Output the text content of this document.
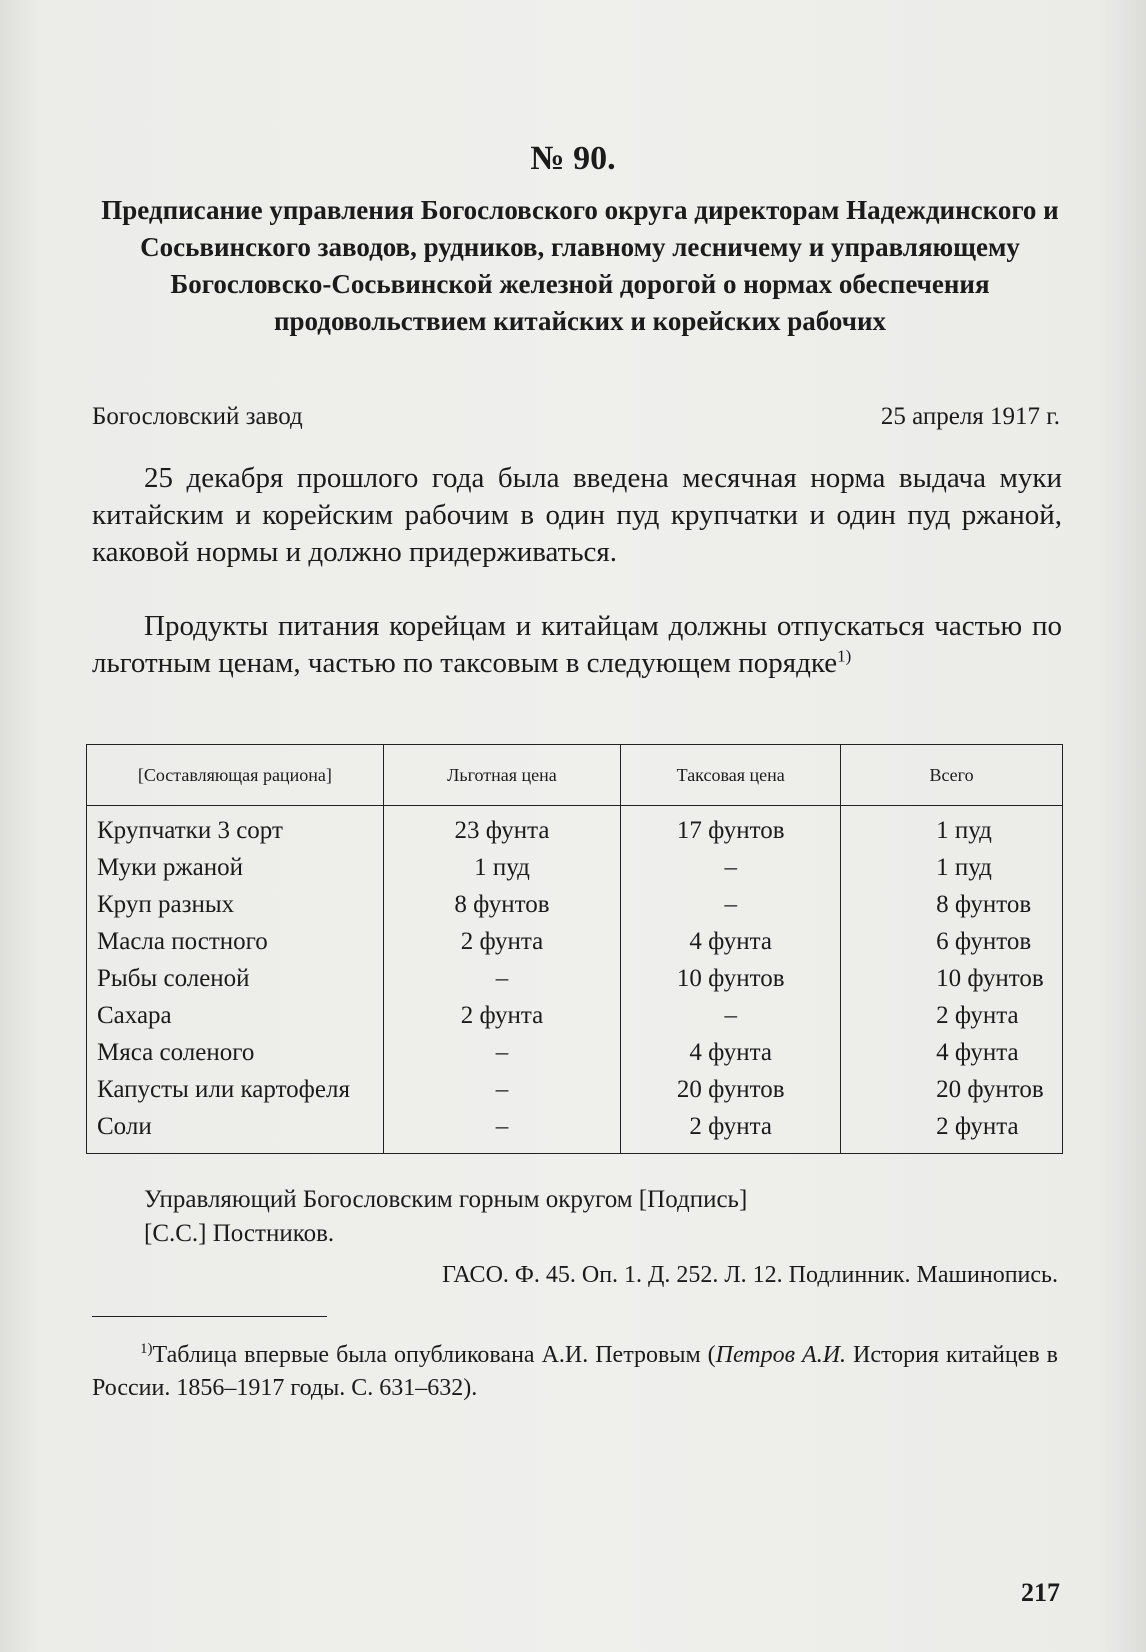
№ 90.
Предписание управления Богословского округа директорам Надеждинского и Сосьвинского заводов, рудников, главному лесничему и управляющему Богословско-Сосьвинской железной дорогой о нормах обеспечения продовольствием китайских и корейских рабочих
Богословский завод	25 апреля 1917 г.

25 декабря прошлого года была введена месячная норма выдача муки китайским и корейским рабочим в один пуд крупчатки и один пуд ржаной, каковой нормы и должно придерживаться.

Продукты питания корейцам и китайцам должны отпускаться частью по льготным ценам, частью по таксовым в следующем порядке$^{1)}$

[Составляющая рациона]	Льготная цена	Таксовая цена	Всего
Крупчатки 3 сорт	23 фунта	17 фунтов	1 пуд
Муки ржаной	1 пуд	–	1 пуд
Круп разных	8 фунтов	–	8 фунтов
Масла постного	2 фунта	4 фунта	6 фунтов
Рыбы соленой	–	10 фунтов	10 фунтов
Сахара	2 фунта	–	2 фунта
Мяса соленого	–	4 фунта	4 фунта
Капусты или картофеля	–	20 фунтов	20 фунтов
Соли	–	2 фунта	2 фунта
Управляющий Богословским горным округом [Подпись]
[С.С.] Постников.
ГАСО. Ф. 45. Оп. 1. Д. 252. Л. 12. Подлинник. Машинопись.

$^{1)}$Таблица впервые была опубликована А.И. Петровым (Петров А.И. История китайцев в России. 1856–1917 годы. С. 631–632).

217
